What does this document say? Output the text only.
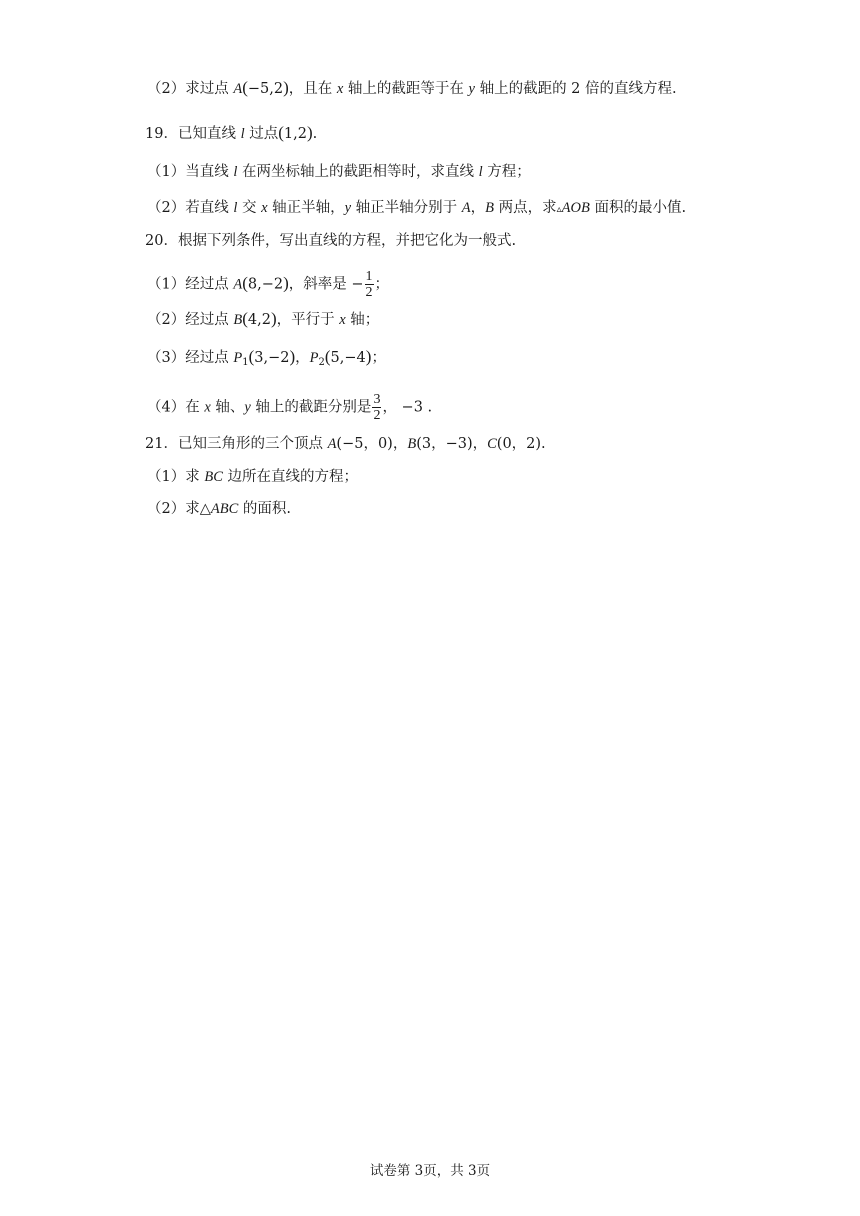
（2）求过点 A(−5,2)，且在 x 轴上的截距等于在 y 轴上的截距的 2 倍的直线方程.
19．已知直线 l 过点(1,2).
（1）当直线 l 在两坐标轴上的截距相等时，求直线 l 方程；
（2）若直线 l 交 x 轴正半轴，y 轴正半轴分别于 A，B 两点，求▵AOB 面积的最小值.
20．根据下列条件，写出直线的方程，并把它化为一般式.
（1）经过点 A(8,−2)，斜率是 − $\frac{1}{2}$ ；
（2）经过点 B(4,2)，平行于 x 轴；
（3）经过点 $P_1(3,-2)$，$P_2(5,-4)$；
（4）在 x 轴、y 轴上的截距分别是 $\frac{3}{2}$ ， −3 .
21．已知三角形的三个顶点 A(−5，0)，B(3，−3)，C(0，2).
（1）求 BC 边所在直线的方程；
（2）求△ABC 的面积.
试卷第 3页，共 3页
